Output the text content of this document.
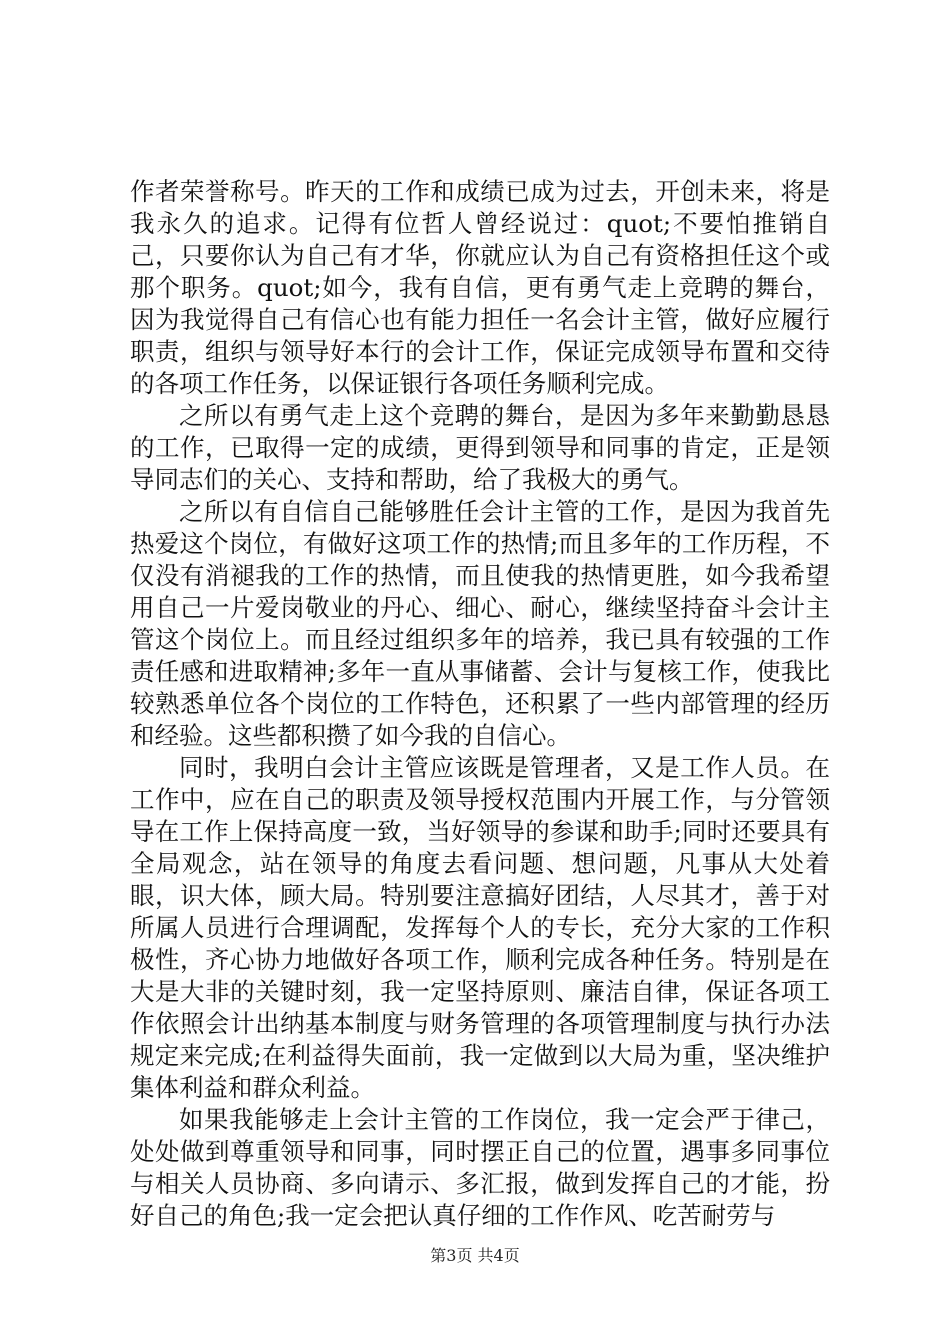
作者荣誉称号。昨天的工作和成绩已成为过去，开创未来，将是我永久的追求。记得有位哲人曾经说过：quot;不要怕推销自己，只要你认为自己有才华，你就应认为自己有资格担任这个或那个职务。quot;如今，我有自信，更有勇气走上竞聘的舞台，因为我觉得自己有信心也有能力担任一名会计主管，做好应履行职责，组织与领导好本行的会计工作，保证完成领导布置和交待的各项工作任务，以保证银行各项任务顺利完成。

之所以有勇气走上这个竞聘的舞台，是因为多年来勤勤恳恳的工作，已取得一定的成绩，更得到领导和同事的肯定，正是领导同志们的关心、支持和帮助，给了我极大的勇气。

之所以有自信自己能够胜任会计主管的工作，是因为我首先热爱这个岗位，有做好这项工作的热情;而且多年的工作历程，不仅没有消褪我的工作的热情，而且使我的热情更胜，如今我希望用自己一片爱岗敬业的丹心、细心、耐心，继续坚持奋斗会计主管这个岗位上。而且经过组织多年的培养，我已具有较强的工作责任感和进取精神;多年一直从事储蓄、会计与复核工作，使我比较熟悉单位各个岗位的工作特色，还积累了一些内部管理的经历和经验。这些都积攒了如今我的自信心。

同时，我明白会计主管应该既是管理者，又是工作人员。在工作中，应在自己的职责及领导授权范围内开展工作，与分管领导在工作上保持高度一致，当好领导的参谋和助手;同时还要具有全局观念，站在领导的角度去看问题、想问题，凡事从大处着眼，识大体，顾大局。特别要注意搞好团结，人尽其才，善于对所属人员进行合理调配，发挥每个人的专长，充分大家的工作积极性，齐心协力地做好各项工作，顺利完成各种任务。特别是在大是大非的关键时刻，我一定坚持原则、廉洁自律，保证各项工作依照会计出纳基本制度与财务管理的各项管理制度与执行办法规定来完成;在利益得失面前，我一定做到以大局为重，坚决维护集体利益和群众利益。

如果我能够走上会计主管的工作岗位，我一定会严于律己，处处做到尊重领导和同事，同时摆正自己的位置，遇事多同事位与相关人员协商、多向请示、多汇报，做到发挥自己的才能，扮好自己的角色;我一定会把认真仔细的工作作风、吃苦耐劳与

第3页 共4页
